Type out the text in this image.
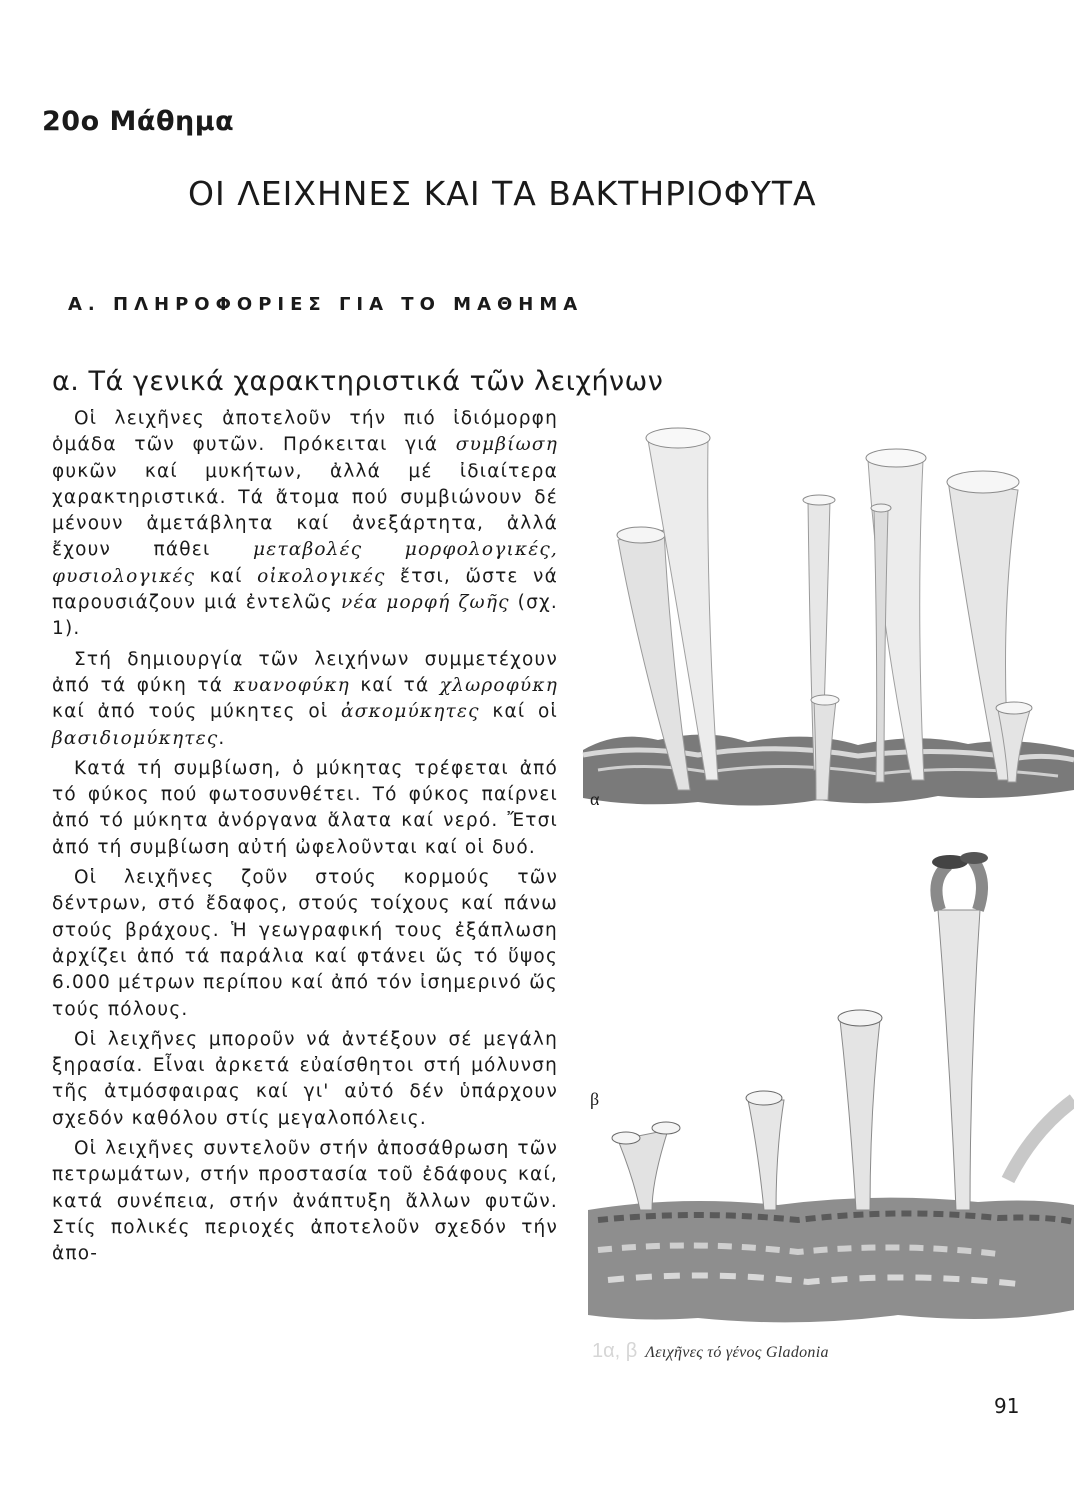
20ο Μάθημα
ΟΙ ΛΕΙΧΗΝΕΣ ΚΑΙ ΤΑ ΒΑΚΤΗΡΙΟΦΥΤΑ
Α. ΠΛΗΡΟΦΟΡΙΕΣ ΓΙΑ ΤΟ ΜΑΘΗΜΑ
α. Τά γενικά χαρακτηριστικά τῶν λειχήνων

Οἱ λειχῆνες ἀποτελοῦν τήν πιό ἰδιόμορφη ὁμάδα τῶν φυτῶν. Πρόκειται γιά συμβίωση φυκῶν καί μυκήτων, ἀλλά μέ ἰδιαίτερα χαρακτηριστικά. Τά ἄτομα πού συμβιώνουν δέ μένουν ἀμετάβλητα καί ἀνεξάρτητα, ἀλλά ἔχουν πάθει μεταβολές μορφολογικές, φυσιολογικές καί οἰκολογικές ἔτσι, ὥστε νά παρουσιάζουν μιά ἐντελῶς νέα μορφή ζωῆς (σχ. 1).

Στή δημιουργία τῶν λειχήνων συμμετέχουν ἀπό τά φύκη τά κυανοφύκη καί τά χλωροφύκη καί ἀπό τούς μύκητες οἱ ἀσκομύκητες καί οἱ βασιδιομύκητες.

Κατά τή συμβίωση, ὁ μύκητας τρέφεται ἀπό τό φύκος πού φωτοσυνθέτει. Τό φύκος παίρνει ἀπό τό μύκητα ἀνόργανα ἅλατα καί νερό. Ἔτσι ἀπό τή συμβίωση αὐτή ὠφελοῦνται καί οἱ δυό.

Οἱ λειχῆνες ζοῦν στούς κορμούς τῶν δέντρων, στό ἔδαφος, στούς τοίχους καί πάνω στούς βράχους. Ἡ γεωγραφική τους ἐξάπλωση ἀρχίζει ἀπό τά παράλια καί φτάνει ὥς τό ὕψος 6.000 μέτρων περίπου καί ἀπό τόν ἰσημερινό ὥς τούς πόλους.

Οἱ λειχῆνες μποροῦν νά ἀντέξουν σέ μεγάλη ξηρασία. Εἶναι ἀρκετά εὐαίσθητοι στή μόλυνση τῆς ἀτμόσφαιρας καί γι' αὐτό δέν ὑπάρχουν σχεδόν καθόλου στίς μεγαλοπόλεις.

Οἱ λειχῆνες συντελοῦν στήν ἀποσάθρωση τῶν πετρωμάτων, στήν προστασία τοῦ ἐδάφους καί, κατά συνέπεια, στήν ἀνάπτυξη ἄλλων φυτῶν. Στίς πολικές περιοχές ἀποτελοῦν σχεδόν τήν ἀπο-

α
β
1α, β Λειχῆνες τό γένος Gladonia
91
